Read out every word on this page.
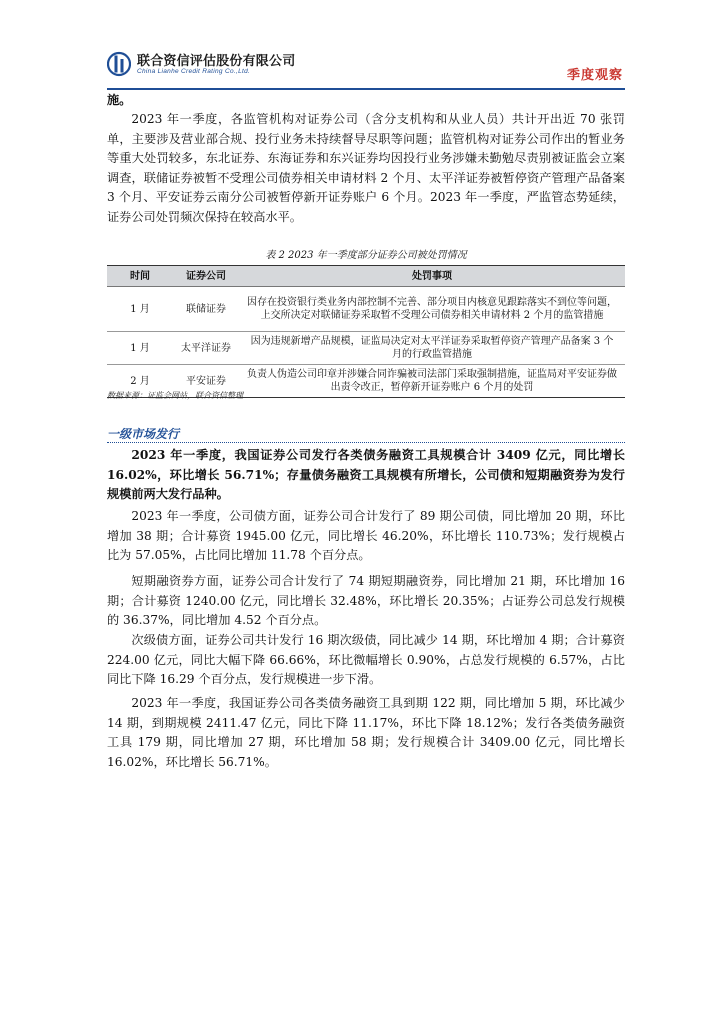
联合资信评估股份有限公司
China Lianhe Credit Rating Co.,Ltd.	季度观察

施。

2023 年一季度，各监管机构对证券公司（含分支机构和从业人员）共计开出近 70 张罚单，主要涉及营业部合规、投行业务未持续督导尽职等问题；监管机构对证券公司作出的暂业务等重大处罚较多，东北证券、东海证券和东兴证券均因投行业务涉嫌未勤勉尽责别被证监会立案调查，联储证券被暂不受理公司债券相关申请材料 2 个月、太平洋证券被暂停资产管理产品备案 3 个月、平安证券云南分公司被暂停新开证券账户 6 个月。2023 年一季度，严监管态势延续，证券公司处罚频次保持在较高水平。

表 2 2023 年一季度部分证券公司被处罚情况
时间	证券公司	处罚事项
1 月	联储证券	因存在投资银行类业务内部控制不完善、部分项目内核意见跟踪落实不到位等问题，上交所决定对联储证券采取暂不受理公司债券相关申请材料 2 个月的监管措施
1 月	太平洋证券	因为违规新增产品规模，证监局决定对太平洋证券采取暂停资产管理产品备案 3 个月的行政监管措施
2 月	平安证券	负责人伪造公司印章并涉嫌合同诈骗被司法部门采取强制措施，证监局对平安证券做出责令改正，暂停新开证券账户 6 个月的处罚
数据来源：证监会网站，联合资信整理
一级市场发行

2023 年一季度，我国证券公司发行各类债务融资工具规模合计 3409 亿元，同比增长 16.02%，环比增长 56.71%；存量债务融资工具规模有所增长，公司债和短期融资券为发行规模前两大发行品种。

2023 年一季度，公司债方面，证券公司合计发行了 89 期公司债，同比增加 20 期，环比增加 38 期；合计募资 1945.00 亿元，同比增长 46.20%，环比增长 110.73%；发行规模占比为 57.05%，占比同比增加 11.78 个百分点。

短期融资券方面，证券公司合计发行了 74 期短期融资券，同比增加 21 期，环比增加 16 期；合计募资 1240.00 亿元，同比增长 32.48%，环比增长 20.35%；占证券公司总发行规模的 36.37%，同比增加 4.52 个百分点。

次级债方面，证券公司共计发行 16 期次级债，同比减少 14 期，环比增加 4 期；合计募资 224.00 亿元，同比大幅下降 66.66%，环比微幅增长 0.90%，占总发行规模的 6.57%，占比同比下降 16.29 个百分点，发行规模进一步下滑。

2023 年一季度，我国证券公司各类债务融资工具到期 122 期，同比增加 5 期，环比减少 14 期，到期规模 2411.47 亿元，同比下降 11.17%，环比下降 18.12%；发行各类债务融资工具 179 期，同比增加 27 期，环比增加 58 期；发行规模合计 3409.00 亿元，同比增长 16.02%，环比增长 56.71%。
